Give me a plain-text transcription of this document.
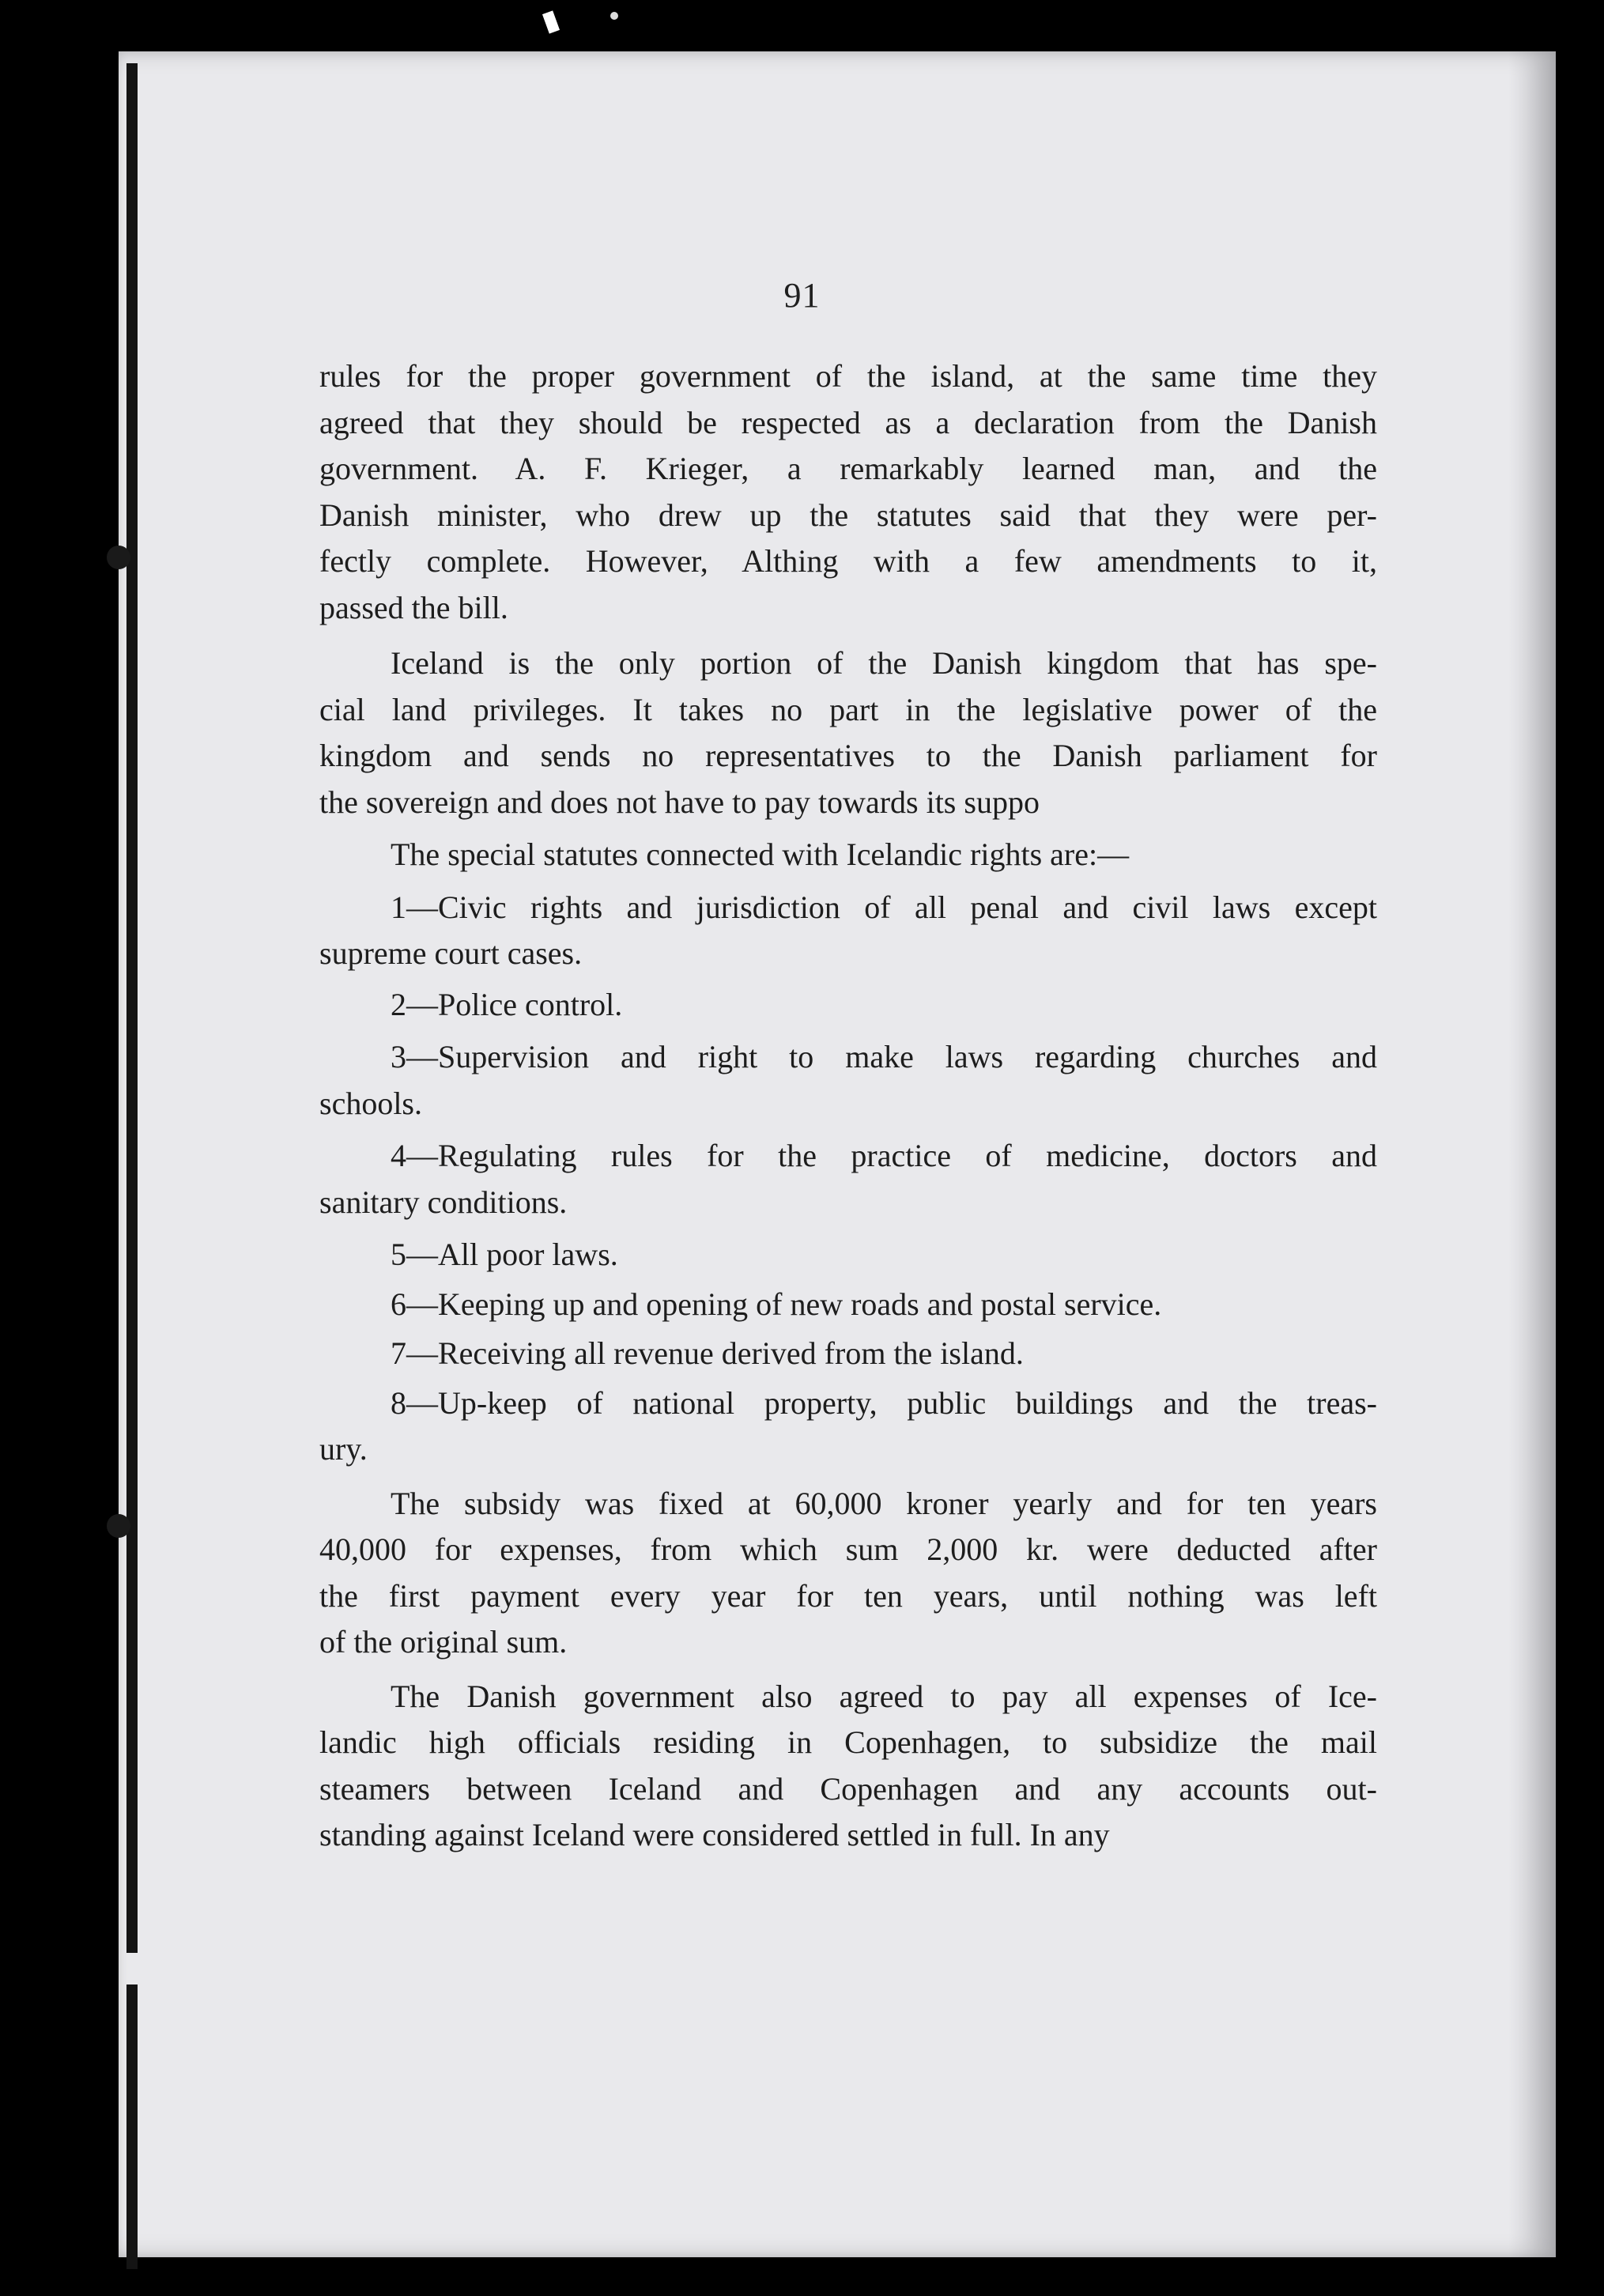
91
rules for the proper government of the island, at the same time they
agreed that they should be respected as a declaration from the Danish
government. A. F. Krieger, a remarkably learned man, and the
Danish minister, who drew up the statutes said that they were per-
fectly complete. However, Althing with a few amendments to it,
passed the bill.
Iceland is the only portion of the Danish kingdom that has spe-
cial land privileges. It takes no part in the legislative power of the
kingdom and sends no representatives to the Danish parliament for
the sovereign and does not have to pay towards its suppo
The special statutes connected with Icelandic rights are:—
1—Civic rights and jurisdiction of all penal and civil laws except
supreme court cases.
2—Police control.
3—Supervision and right to make laws regarding churches and
schools.
4—Regulating rules for the practice of medicine, doctors and
sanitary conditions.
5—All poor laws.
6—Keeping up and opening of new roads and postal service.
7—Receiving all revenue derived from the island.
8—Up-keep of national property, public buildings and the treas-
ury.
The subsidy was fixed at 60,000 kroner yearly and for ten years
40,000 for expenses, from which sum 2,000 kr. were deducted after
the first payment every year for ten years, until nothing was left
of the original sum.
The Danish government also agreed to pay all expenses of Ice-
landic high officials residing in Copenhagen, to subsidize the mail
steamers between Iceland and Copenhagen and any accounts out-
standing against Iceland were considered settled in full. In any
